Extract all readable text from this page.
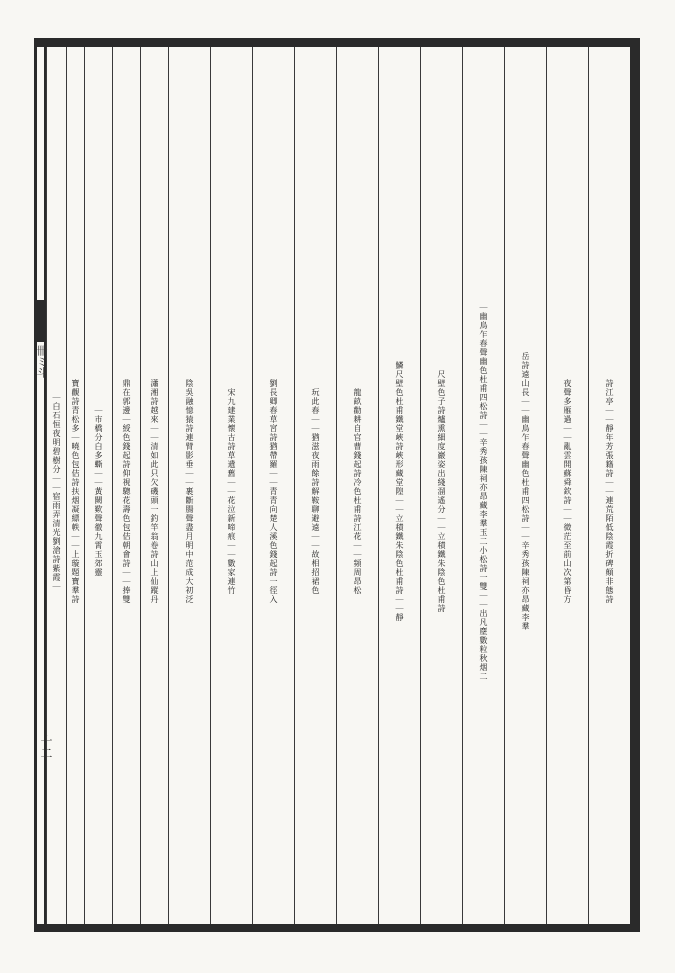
卌ミ斗
十二
詩江亭｜｜靜年芳張籍詩｜｜連荒陌低陰霞折碑顛非態詩
夜聲多雁過｜｜亂雲開蘇舜欽詩｜｜微茫至前山次第昏方
岳詩遠山長｜｜幽鳥乍春聲幽色杜甫四松詩｜｜辛秀孩陳祠亦昂藏李羣
｜幽鳥乍春聲幽色杜甫四松詩｜｜辛秀孩陳祠亦昂藏李羣玉二小松詩一雙｜｜出凡塵數粒秋烟二
尺壁色子詩爐熏細度巖姿出綫溜遙分｜｜立積鐵朱陰色杜甫詩
鱗尺壁色杜甫鐵堂峽詩峽形藏堂隍｜｜立積鐵朱陰色杜甫詩｜｜靜
龍畝勸耕自官曹錢起詩冷色杜甫詩江花｜｜頻周昂松
玩此春｜｜猶滋夜雨餘詩解鞍聊避遠｜｜故相招裙色
劉長卿春草宮詩猶帶羅｜｜青青向楚人溪色錢起詩一徑入
宋九建業懷古詩草遺舊｜｜花泣新啼痕｜｜數家連竹
陰吳融憶猿詩連臂影垂｜｜裹斷腸聲盡月明中范成大初泛
瀟湘詩越來｜｜清如此只欠磯頭一釣竿翁卷詩山上仙蹤丹
鼎在郭邊｜綬色錢起詩仰視驄花壽色包佶朝會詩｜｜捧雙
｜市橋分白多蟖｜｜黃闕歎聲徹九霄玉郊靈
寶觀詩青松多｜曉色包佶詩扶烟凝縹帙｜｜上璇題寶羣詩
｜白石恒夜明碧樹分｜｜宿雨弄清光劉滄詩紫霞｜
